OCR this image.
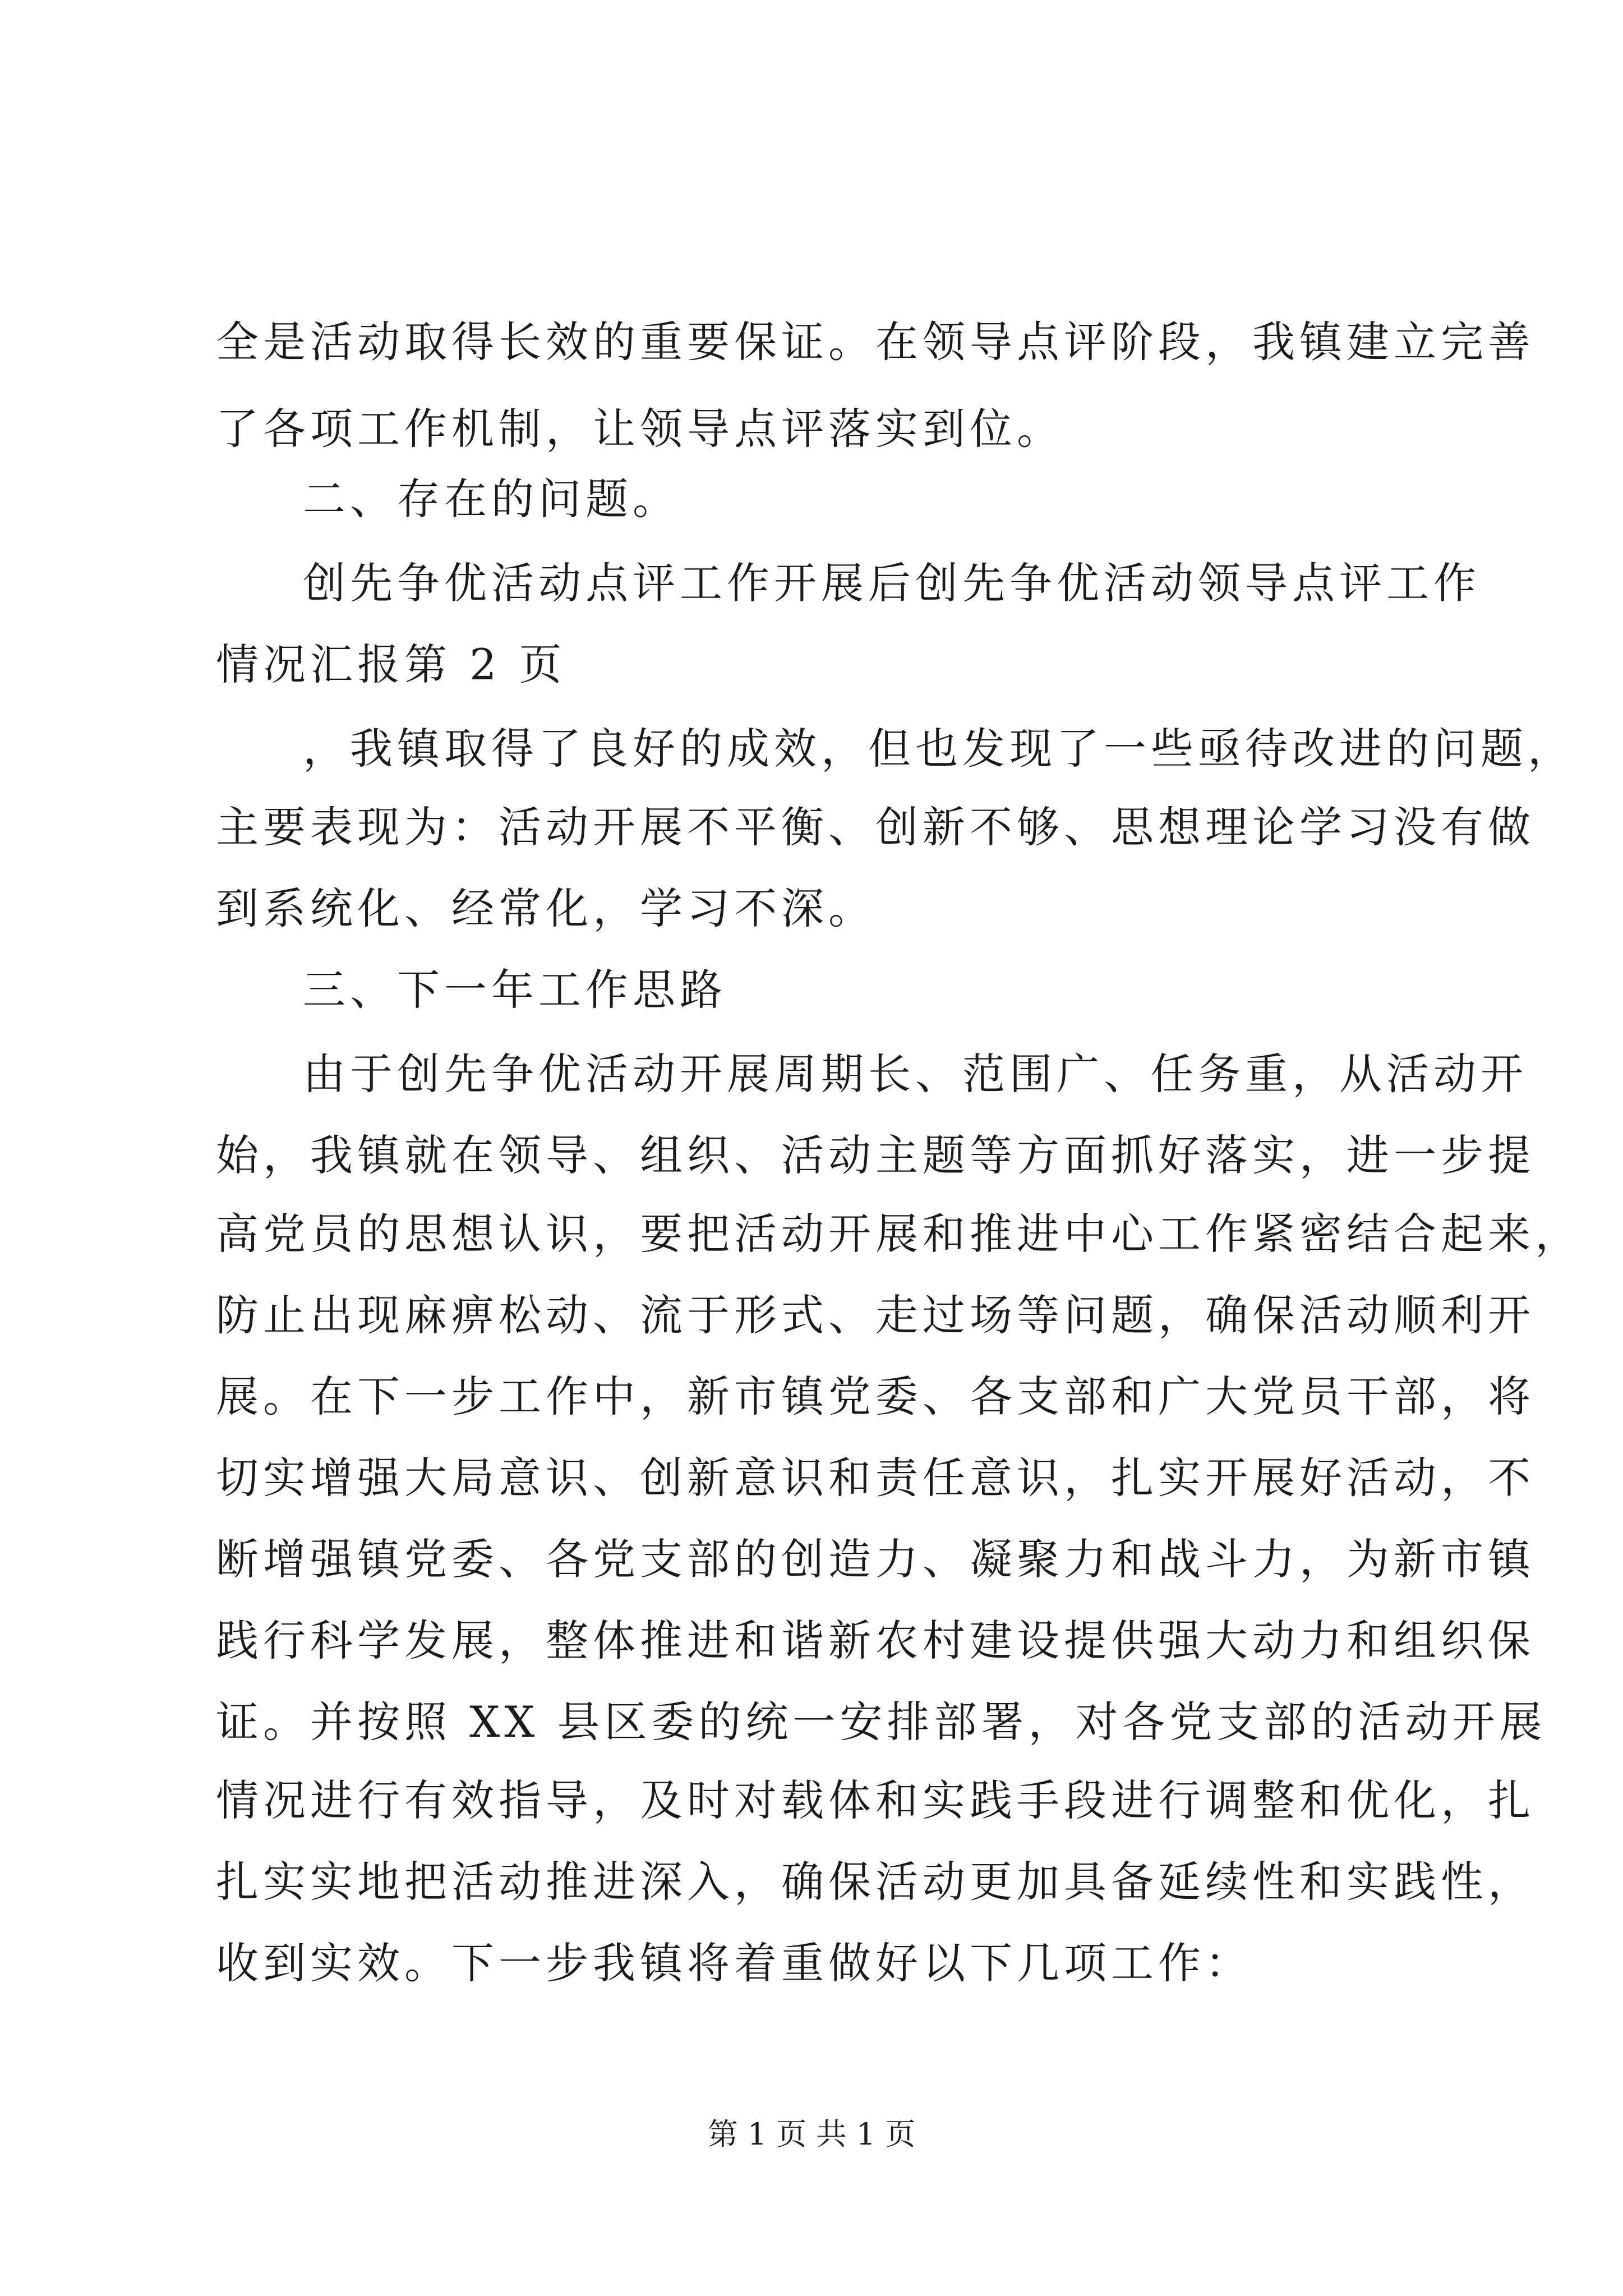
全是活动取得长效的重要保证。在领导点评阶段，我镇建立完善
了各项工作机制，让领导点评落实到位。
二、存在的问题。
创先争优活动点评工作开展后创先争优活动领导点评工作
情况汇报第 2 页
，我镇取得了良好的成效，但也发现了一些亟待改进的问题，
主要表现为：活动开展不平衡、创新不够、思想理论学习没有做
到系统化、经常化，学习不深。
三、下一年工作思路
由于创先争优活动开展周期长、范围广、任务重，从活动开
始，我镇就在领导、组织、活动主题等方面抓好落实，进一步提
高党员的思想认识，要把活动开展和推进中心工作紧密结合起来，
防止出现麻痹松动、流于形式、走过场等问题，确保活动顺利开
展。在下一步工作中，新市镇党委、各支部和广大党员干部，将
切实增强大局意识、创新意识和责任意识，扎实开展好活动，不
断增强镇党委、各党支部的创造力、凝聚力和战斗力，为新市镇
践行科学发展，整体推进和谐新农村建设提供强大动力和组织保
证。并按照 XX 县区委的统一安排部署，对各党支部的活动开展
情况进行有效指导，及时对载体和实践手段进行调整和优化，扎
扎实实地把活动推进深入，确保活动更加具备延续性和实践性，
收到实效。下一步我镇将着重做好以下几项工作：
第 1 页 共 1 页
